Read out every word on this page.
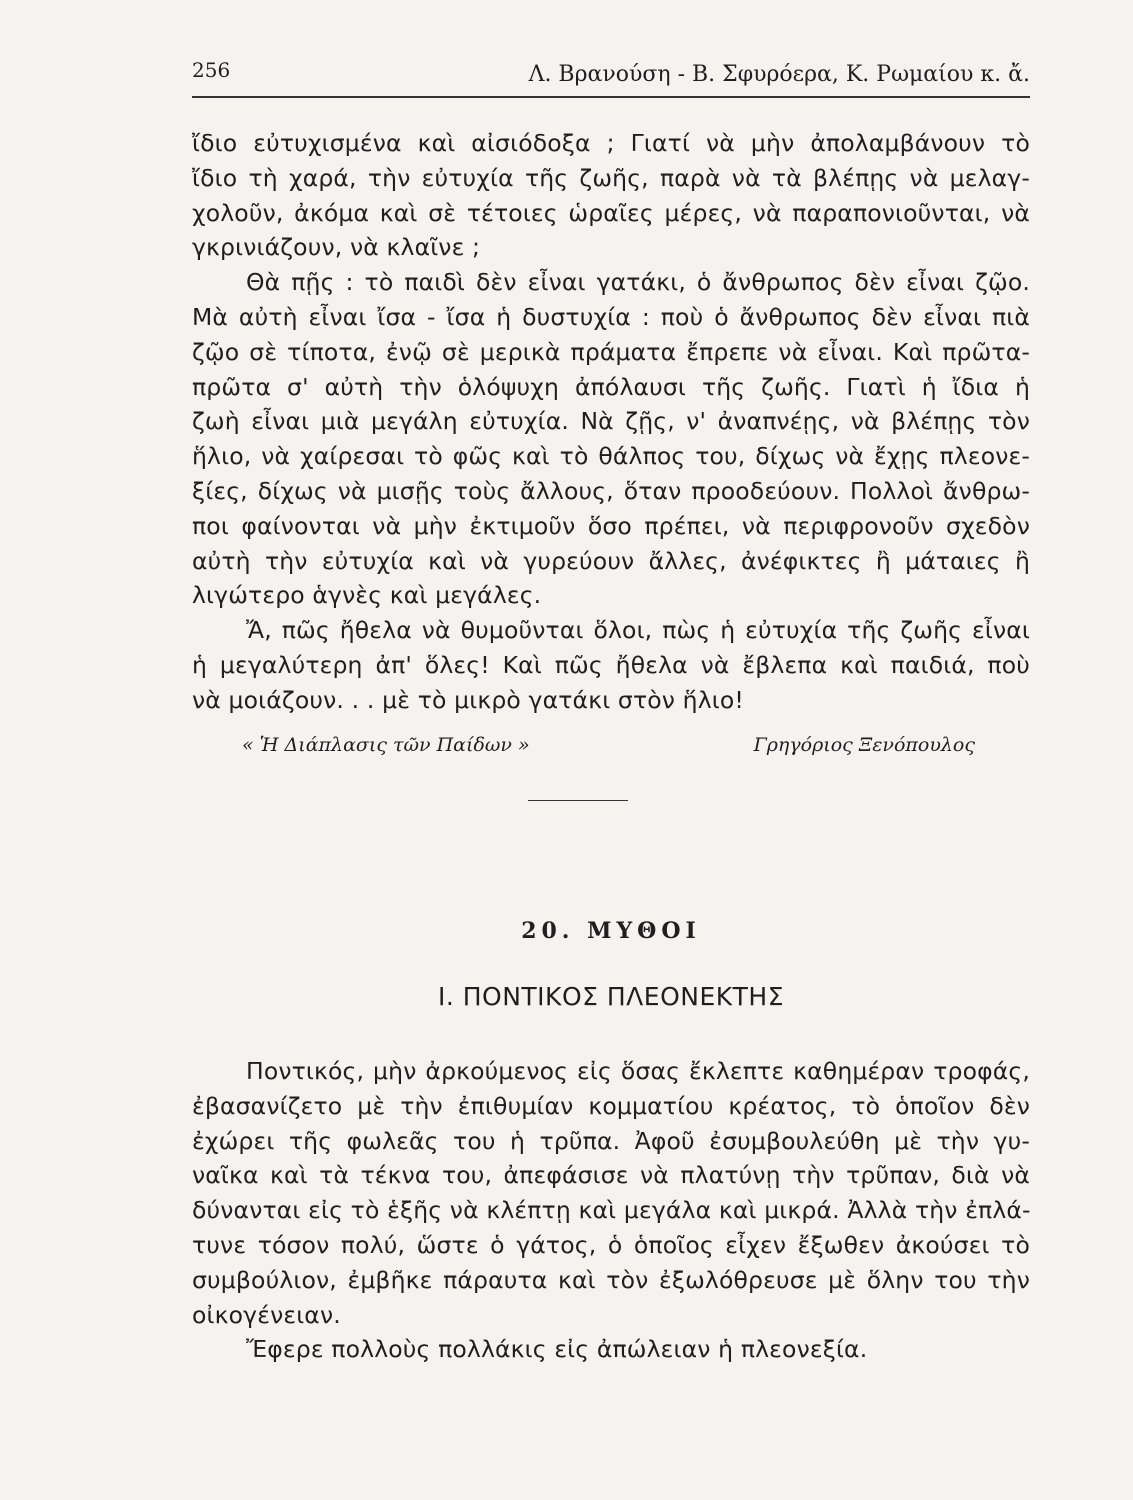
256	Λ. Βρανούση - Β. Σφυρόερα, Κ. Ρωμαίου κ. ἄ.
ἴδιο εὐτυχισμένα καὶ αἰσιόδοξα ; Γιατί νὰ μὴν ἀπολαμβάνουν τὸ
ἴδιο τὴ χαρά, τὴν εὐτυχία τῆς ζωῆς, παρὰ νὰ τὰ βλέπῃς νὰ μελαγ-
χολοῦν, ἀκόμα καὶ σὲ τέτοιες ὡραῖες μέρες, νὰ παραπονιοῦνται, νὰ
γκρινιάζουν, νὰ κλαῖνε ;
Θὰ πῇς : τὸ παιδὶ δὲν εἶναι γατάκι, ὁ ἄνθρωπος δὲν εἶναι ζῷο.
Μὰ αὐτὴ εἶναι ἴσα - ἴσα ἡ δυστυχία : ποὺ ὁ ἄνθρωπος δὲν εἶναι πιὰ
ζῷο σὲ τίποτα, ἐνῷ σὲ μερικὰ πράματα ἔπρεπε νὰ εἶναι. Καὶ πρῶτα-
πρῶτα σ' αὐτὴ τὴν ὁλόψυχη ἀπόλαυσι τῆς ζωῆς. Γιατὶ ἡ ἴδια ἡ
ζωὴ εἶναι μιὰ μεγάλη εὐτυχία. Νὰ ζῇς, ν' ἀναπνέῃς, νὰ βλέπῃς τὸν
ἥλιο, νὰ χαίρεσαι τὸ φῶς καὶ τὸ θάλπος του, δίχως νὰ ἔχῃς πλεονε-
ξίες, δίχως νὰ μισῇς τοὺς ἄλλους, ὅταν προοδεύουν. Πολλοὶ ἄνθρω-
ποι φαίνονται νὰ μὴν ἐκτιμοῦν ὅσο πρέπει, νὰ περιφρονοῦν σχεδὸν
αὐτὴ τὴν εὐτυχία καὶ νὰ γυρεύουν ἄλλες, ἀνέφικτες ἢ μάταιες ἢ
λιγώτερο ἁγνὲς καὶ μεγάλες.
Ἄ, πῶς ἤθελα νὰ θυμοῦνται ὅλοι, πὼς ἡ εὐτυχία τῆς ζωῆς εἶναι
ἡ μεγαλύτερη ἀπ' ὅλες! Καὶ πῶς ἤθελα νὰ ἔβλεπα καὶ παιδιά, ποὺ
νὰ μοιάζουν. . . μὲ τὸ μικρὸ γατάκι στὸν ἥλιο!
« Ἡ Διάπλασις τῶν Παίδων »	Γρηγόριος Ξενόπουλος
20. ΜΥΘΟΙ
Ι. ΠΟΝΤΙΚΟΣ ΠΛΕΟΝΕΚΤΗΣ
Ποντικός, μὴν ἀρκούμενος εἰς ὅσας ἔκλεπτε καθημέραν τροφάς,
ἐβασανίζετο μὲ τὴν ἐπιθυμίαν κομματίου κρέατος, τὸ ὁποῖον δὲν
ἐχώρει τῆς φωλεᾶς του ἡ τρῦπα. Ἀφοῦ ἐσυμβουλεύθη μὲ τὴν γυ-
ναῖκα καὶ τὰ τέκνα του, ἀπεφάσισε νὰ πλατύνῃ τὴν τρῦπαν, διὰ νὰ
δύνανται εἰς τὸ ἑξῆς νὰ κλέπτῃ καὶ μεγάλα καὶ μικρά. Ἀλλὰ τὴν ἐπλά-
τυνε τόσον πολύ, ὥστε ὁ γάτος, ὁ ὁποῖος εἶχεν ἔξωθεν ἀκούσει τὸ
συμβούλιον, ἐμβῆκε πάραυτα καὶ τὸν ἐξωλόθρευσε μὲ ὅλην του τὴν
οἰκογένειαν.
Ἔφερε πολλοὺς πολλάκις εἰς ἀπώλειαν ἡ πλεονεξία.
